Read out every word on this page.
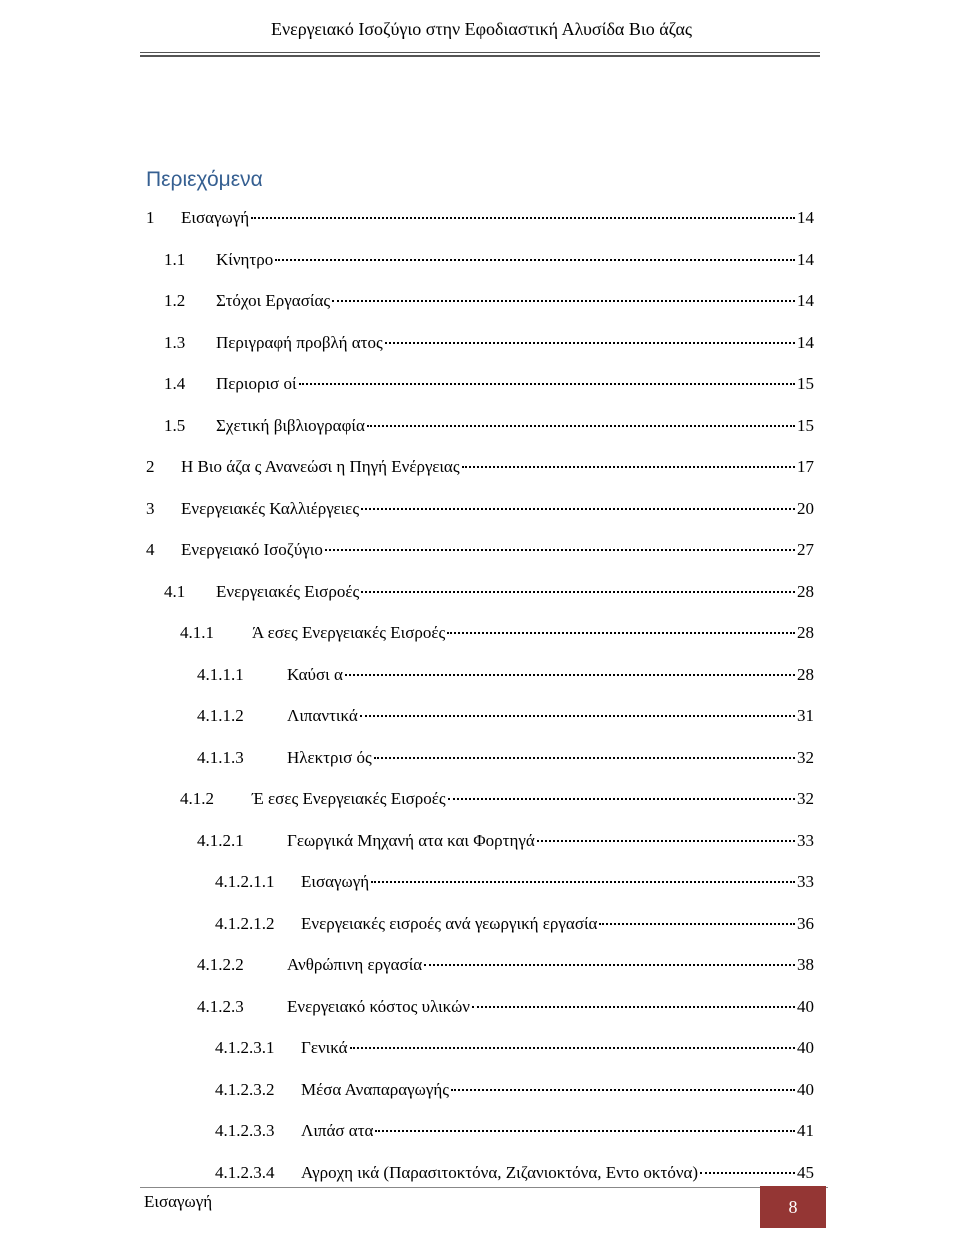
Ενεργειακό Ισοζύγιο στην Εφοδιαστική Αλυσίδα Βιο άζας
Περιεχόμενα
1	Εισαγωγή	14
1.1	Κίνητρο	14
1.2	Στόχοι Εργασίας	14
1.3	Περιγραφή προβλή ατος	14
1.4	Περιορισ οί	15
1.5	Σχετική βιβλιογραφία	15
2	Η Βιο άζα ς Ανανεώσι η Πηγή Ενέργειας	17
3	Ενεργειακές Καλλιέργειες	20
4	Ενεργειακό Ισοζύγιο	27
4.1	Ενεργειακές Εισροές	28
4.1.1	Ά εσες Ενεργειακές Εισροές	28
4.1.1.1	Καύσι α	28
4.1.1.2	Λιπαντικά	31
4.1.1.3	Ηλεκτρισ ός	32
4.1.2	Έ εσες Ενεργειακές Εισροές	32
4.1.2.1	Γεωργικά Μηχανή ατα και Φορτηγά	33
4.1.2.1.1	Εισαγωγή	33
4.1.2.1.2	Ενεργειακές εισροές ανά γεωργική εργασία	36
4.1.2.2	Ανθρώπινη εργασία	38
4.1.2.3	Ενεργειακό κόστος υλικών	40
4.1.2.3.1	Γενικά	40
4.1.2.3.2	Μέσα Αναπαραγωγής	40
4.1.2.3.3	Λιπάσ ατα	41
4.1.2.3.4	Αγροχη ικά (Παρασιτοκτόνα, Ζιζανιοκτόνα, Εντο οκτόνα)	45
Εισαγωγή	8
